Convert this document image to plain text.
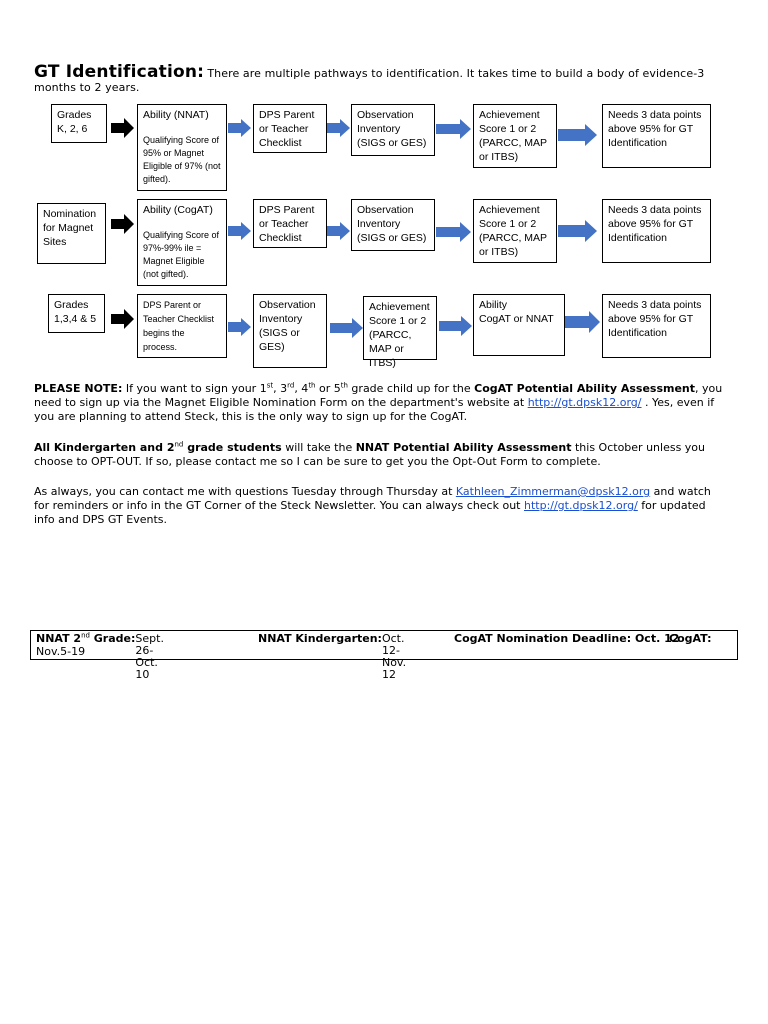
GT Identification: There are multiple pathways to identification. It takes time to build a body of evidence-3 months to 2 years.
Grades K, 2, 6
Ability (NNAT)
Qualifying Score of 95% or Magnet Eligible of 97% (not gifted).
DPS Parent or Teacher Checklist
Observation Inventory (SIGS or GES)
Achievement Score 1 or 2 (PARCC, MAP or ITBS)
Needs 3 data points above 95% for GT Identification
Nomination for Magnet Sites
Ability (CogAT)
Qualifying Score of 97%-99% ile = Magnet Eligible (not gifted).
DPS Parent or Teacher Checklist
Observation Inventory (SIGS or GES)
Achievement Score 1 or 2 (PARCC, MAP or ITBS)
Needs 3 data points above 95% for GT Identification
Grades 1,3,4 & 5
DPS Parent or Teacher Checklist begins the process.
Observation Inventory (SIGS or GES)
Achievement Score 1 or 2 (PARCC, MAP or ITBS)
Ability
CogAT or NNAT
Needs 3 data points above 95% for GT Identification
PLEASE NOTE: If you want to sign your 1st, 3rd, 4th or 5th grade child up for the CogAT Potential Ability Assessment, you need to sign up via the Magnet Eligible Nomination Form on the department's website at http://gt.dpsk12.org/ . Yes, even if you are planning to attend Steck, this is the only way to sign up for the CogAT.
All Kindergarten and 2nd grade students will take the NNAT Potential Ability Assessment this October unless you choose to OPT-OUT. If so, please contact me so I can be sure to get you the Opt-Out Form to complete.
As always, you can contact me with questions Tuesday through Thursday at Kathleen_Zimmerman@dpsk12.org and watch for reminders or info in the GT Corner of the Steck Newsletter. You can always check out http://gt.dpsk12.org/ for updated info and DPS GT Events.
NNAT 2nd Grade: Sept. 26-Oct. 10
NNAT Kindergarten: Oct. 12-Nov. 12
CogAT Nomination Deadline: Oct. 12
CogAT:
Nov.5-19
